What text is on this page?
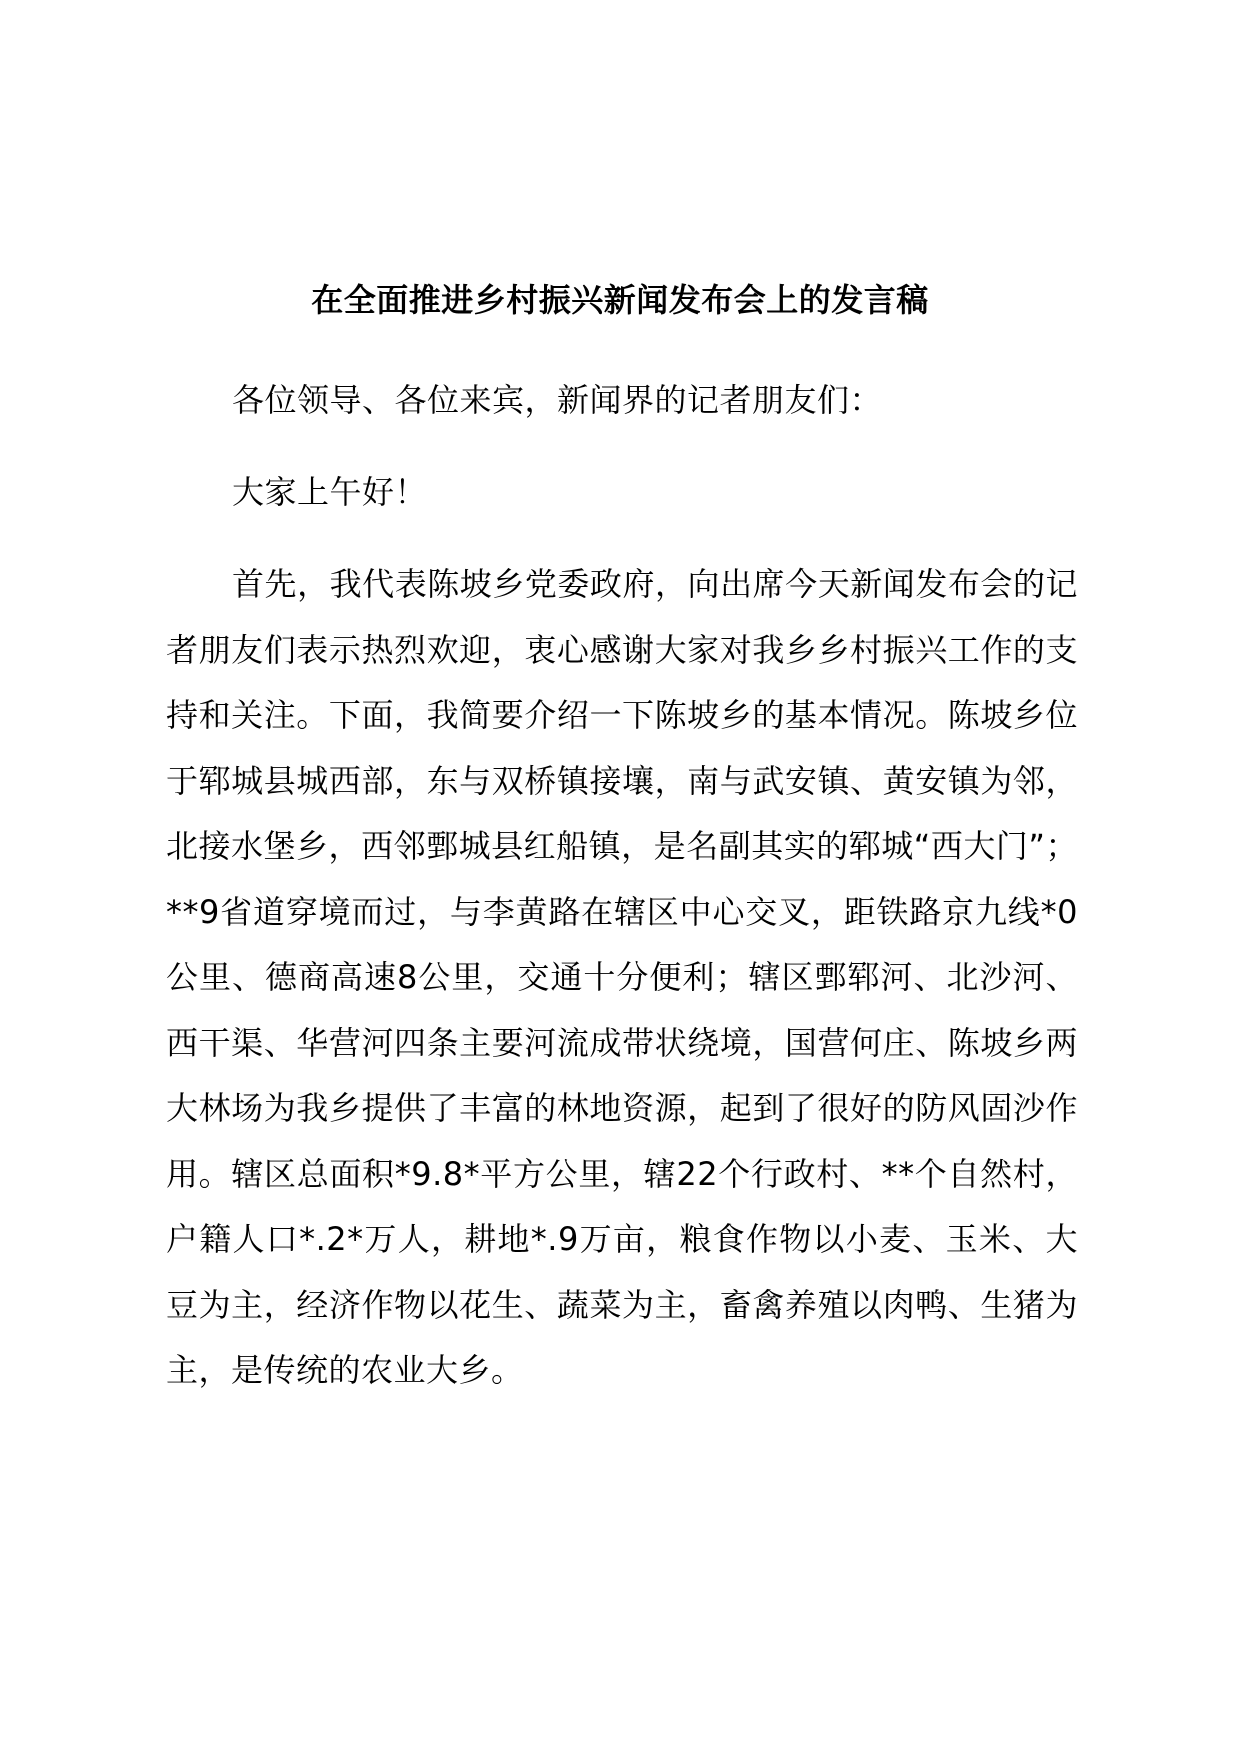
在全面推进乡村振兴新闻发布会上的发言稿
各位领导、各位来宾，新闻界的记者朋友们：
大家上午好！
首先，我代表陈坡乡党委政府，向出席今天新闻发布会的记者朋友们表示热烈欢迎，衷心感谢大家对我乡乡村振兴工作的支持和关注。下面，我简要介绍一下陈坡乡的基本情况。陈坡乡位于郓城县城西部，东与双桥镇接壤，南与武安镇、黄安镇为邻，北接水堡乡，西邻鄄城县红船镇，是名副其实的郓城“西大门”；**9省道穿境而过，与李黄路在辖区中心交叉，距铁路京九线*0公里、德商高速8公里，交通十分便利；辖区鄄郓河、北沙河、西干渠、华营河四条主要河流成带状绕境，国营何庄、陈坡乡两大林场为我乡提供了丰富的林地资源，起到了很好的防风固沙作用。辖区总面积*9.8*平方公里，辖22个行政村、**个自然村，户籍人口*.2*万人，耕地*.9万亩，粮食作物以小麦、玉米、大豆为主，经济作物以花生、蔬菜为主，畜禽养殖以肉鸭、生猪为主，是传统的农业大乡。
